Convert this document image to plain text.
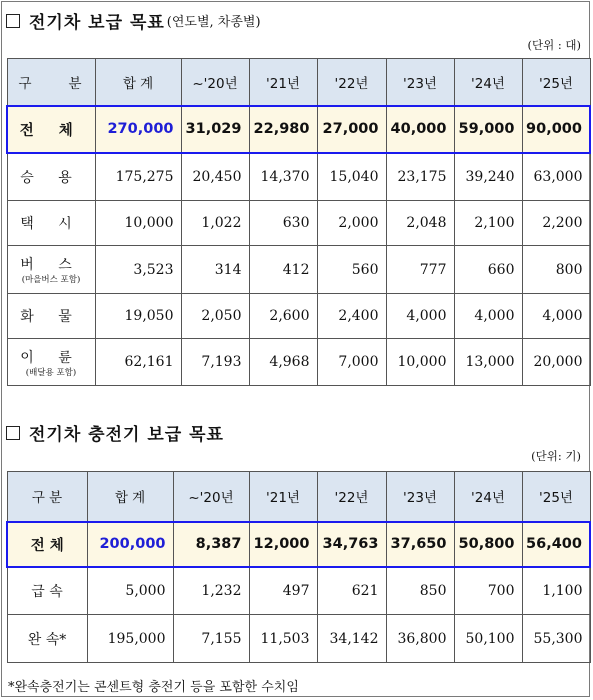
전기차 보급 목표 (연도별, 차종별)
(단위 : 대)
구 분	합 계	~'20년	'21년	'22년	'23년	'24년	'25년
전 체	270,000	31,029	22,980	27,000	40,000	59,000	90,000
승 용	175,275	20,450	14,370	15,040	23,175	39,240	63,000
택 시	10,000	1,022	630	2,000	2,048	2,100	2,200
버 스
(마을버스 포함)	3,523	314	412	560	777	660	800
화 물	19,050	2,050	2,600	2,400	4,000	4,000	4,000
이 륜
(배달용 포함)	62,161	7,193	4,968	7,000	10,000	13,000	20,000
전기차 충전기 보급 목표
(단위: 기)
구 분	합 계	~'20년	'21년	'22년	'23년	'24년	'25년
전 체	200,000	8,387	12,000	34,763	37,650	50,800	56,400
급 속	5,000	1,232	497	621	850	700	1,100
완 속*	195,000	7,155	11,503	34,142	36,800	50,100	55,300
*완속충전기는 콘센트형 충전기 등을 포함한 수치임
